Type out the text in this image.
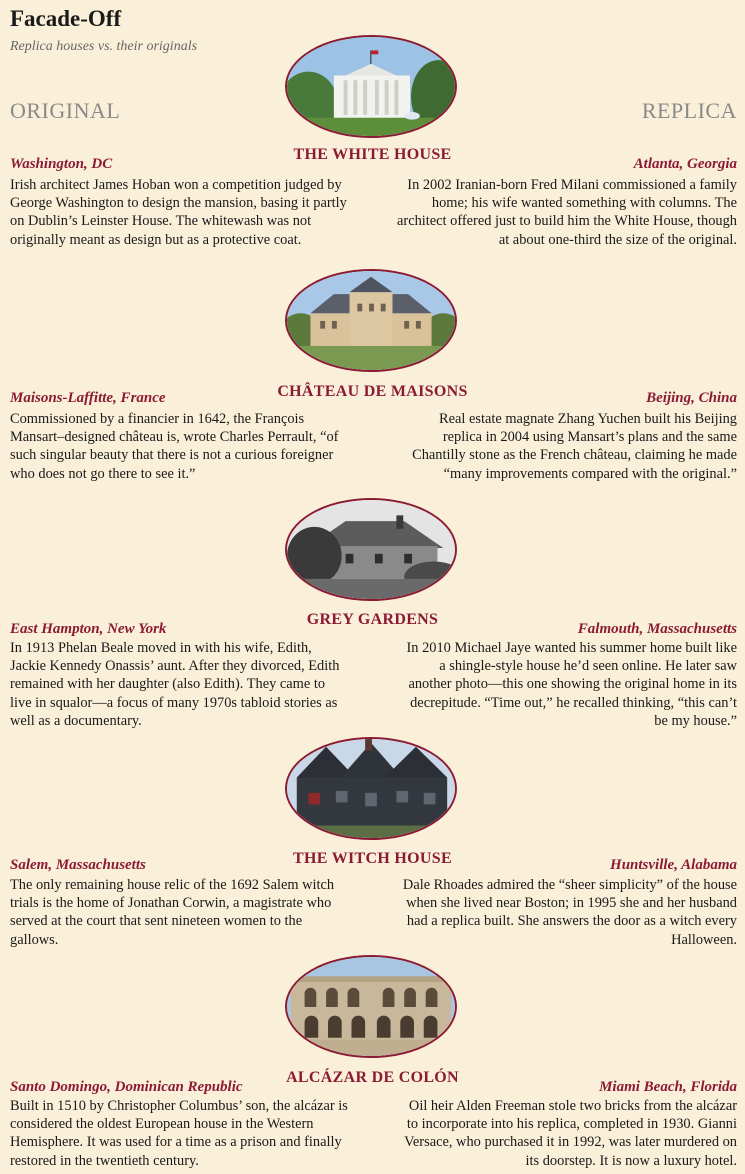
Facade-Off
Replica houses vs. their originals
ORIGINAL	REPLICA
THE WHITE HOUSE
Washington, DC	Atlanta, Georgia
Irish architect James Hoban won a competition judged by George Washington to design the mansion, basing it partly on Dublin’s Leinster House. The whitewash was not originally meant as design but as a protective coat.
In 2002 Iranian-born Fred Milani commissioned a family home; his wife wanted something with columns. The architect offered just to build him the White House, though at about one-third the size of the original.
CHÂTEAU DE MAISONS
Maisons-Laffitte, France	Beijing, China
Commissioned by a financier in 1642, the François Mansart–designed château is, wrote Charles Perrault, “of such singular beauty that there is not a curious foreigner who does not go there to see it.”
Real estate magnate Zhang Yuchen built his Beijing replica in 2004 using Mansart’s plans and the same Chantilly stone as the French château, claiming he made “many improvements compared with the original.”
GREY GARDENS
East Hampton, New York	Falmouth, Massachusetts
In 1913 Phelan Beale moved in with his wife, Edith, Jackie Kennedy Onassis’ aunt. After they divorced, Edith remained with her daughter (also Edith). They came to live in squalor—a focus of many 1970s tabloid stories as well as a documentary.
In 2010 Michael Jaye wanted his summer home built like a shingle-style house he’d seen online. He later saw another photo—this one showing the original home in its decrepitude. “Time out,” he recalled thinking, “this can’t be my house.”
THE WITCH HOUSE
Salem, Massachusetts	Huntsville, Alabama
The only remaining house relic of the 1692 Salem witch trials is the home of Jonathan Corwin, a magistrate who served at the court that sent nineteen women to the gallows.
Dale Rhoades admired the “sheer simplicity” of the house when she lived near Boston; in 1995 she and her husband had a replica built. She answers the door as a witch every Halloween.
ALCÁZAR DE COLÓN
Santo Domingo, Dominican Republic	Miami Beach, Florida
Built in 1510 by Christopher Columbus’ son, the alcázar is considered the oldest European house in the Western Hemisphere. It was used for a time as a prison and finally restored in the twentieth century.
Oil heir Alden Freeman stole two bricks from the alcázar to incorporate into his replica, completed in 1930. Gianni Versace, who purchased it in 1992, was later murdered on its doorstep. It is now a luxury hotel.
